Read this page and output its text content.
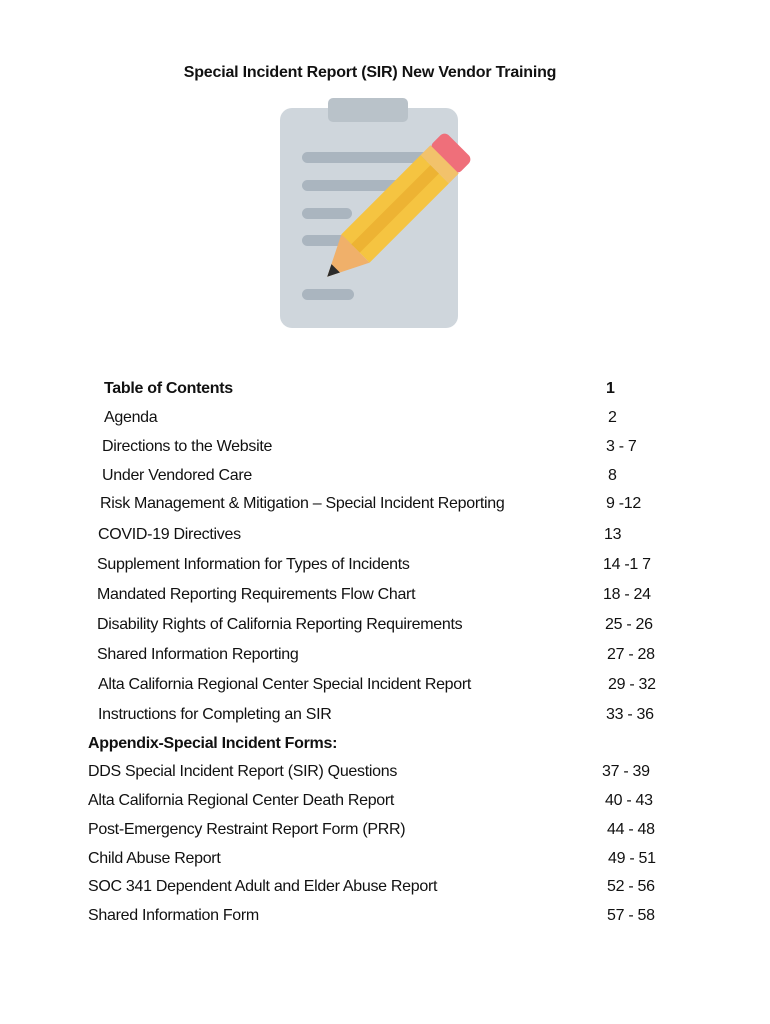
Special Incident Report (SIR) New Vendor Training
Table of Contents	1
Agenda	2
Directions to the Website	3 - 7
Under Vendored Care	8
Risk Management & Mitigation – Special Incident Reporting	9 -12
COVID-19 Directives	13
Supplement Information for Types of Incidents	14 -1 7
Mandated Reporting Requirements Flow Chart	18 - 24
Disability Rights of California Reporting Requirements	25 - 26
Shared Information Reporting	27 - 28
Alta California Regional Center Special Incident Report	29 - 32
Instructions for Completing an SIR	33 - 36
Appendix-Special Incident Forms:
DDS Special Incident Report (SIR) Questions	37 - 39
Alta California Regional Center Death Report	40 - 43
Post-Emergency Restraint Report Form (PRR)	44 - 48
Child Abuse Report	49 - 51
SOC 341 Dependent Adult and Elder Abuse Report	52 - 56
Shared Information Form	57 - 58
